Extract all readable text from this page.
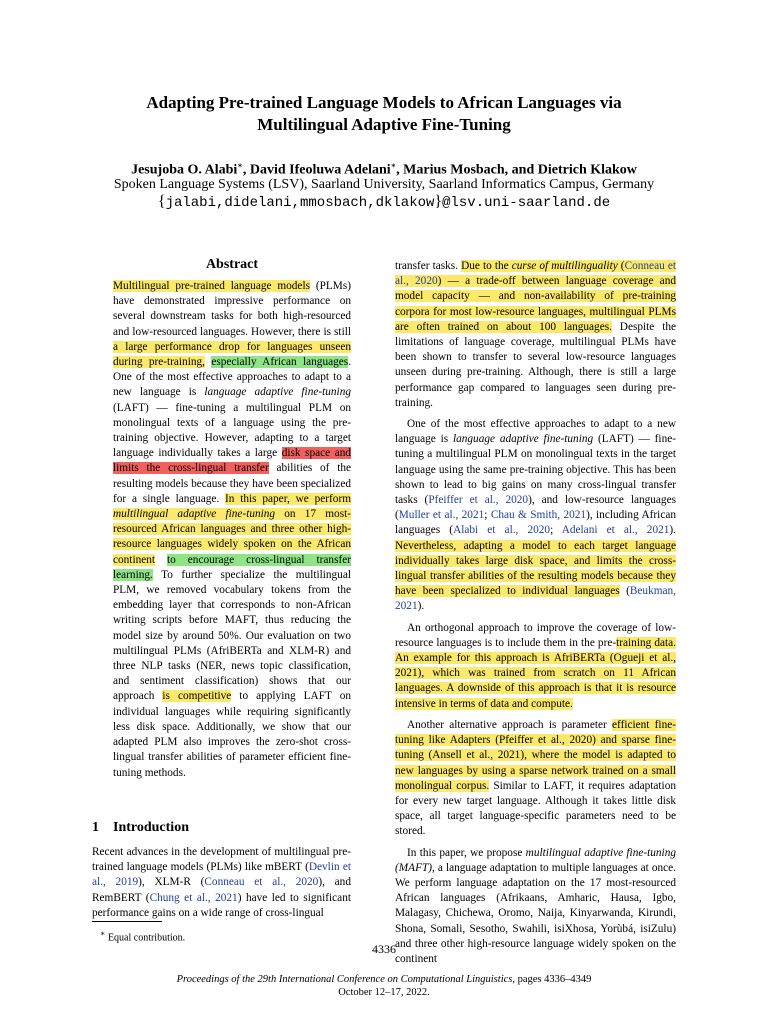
Adapting Pre-trained Language Models to African Languages via
Multilingual Adaptive Fine-Tuning
Jesujoba O. Alabi∗, David Ifeoluwa Adelani∗, Marius Mosbach, and Dietrich Klakow
Spoken Language Systems (LSV), Saarland University, Saarland Informatics Campus, Germany
{jalabi,didelani,mmosbach,dklakow}@lsv.uni-saarland.de
Abstract
Multilingual pre-trained language models (PLMs) have demonstrated impressive performance on several downstream tasks for both high-resourced and low-resourced languages. However, there is still a large performance drop for languages unseen during pre-training, especially African languages. One of the most effective approaches to adapt to a new language is language adaptive fine-tuning (LAFT) — fine-tuning a multilingual PLM on monolingual texts of a language using the pre-training objective. However, adapting to a target language individually takes a large disk space and limits the cross-lingual transfer abilities of the resulting models because they have been specialized for a single language. In this paper, we perform multilingual adaptive fine-tuning on 17 most-resourced African languages and three other high-resource languages widely spoken on the African continent to encourage cross-lingual transfer learning. To further specialize the multilingual PLM, we removed vocabulary tokens from the embedding layer that corresponds to non-African writing scripts before MAFT, thus reducing the model size by around 50%. Our evaluation on two multilingual PLMs (AfriBERTa and XLM-R) and three NLP tasks (NER, news topic classification, and sentiment classification) shows that our approach is competitive to applying LAFT on individual languages while requiring significantly less disk space. Additionally, we show that our adapted PLM also improves the zero-shot cross-lingual transfer abilities of parameter efficient fine-tuning methods.
1 Introduction
Recent advances in the development of multilingual pre-trained language models (PLMs) like mBERT (Devlin et al., 2019), XLM-R (Conneau et al., 2020), and RemBERT (Chung et al., 2021) have led to significant performance gains on a wide range of cross-lingual
∗ Equal contribution.

transfer tasks. Due to the curse of multilinguality (Conneau et al., 2020) — a trade-off between language coverage and model capacity — and non-availability of pre-training corpora for most low-resource languages, multilingual PLMs are often trained on about 100 languages. Despite the limitations of language coverage, multilingual PLMs have been shown to transfer to several low-resource languages unseen during pre-training. Although, there is still a large performance gap compared to languages seen during pre-training.

One of the most effective approaches to adapt to a new language is language adaptive fine-tuning (LAFT) — fine-tuning a multilingual PLM on monolingual texts in the target language using the same pre-training objective. This has been shown to lead to big gains on many cross-lingual transfer tasks (Pfeiffer et al., 2020), and low-resource languages (Muller et al., 2021; Chau & Smith, 2021), including African languages (Alabi et al., 2020; Adelani et al., 2021). Nevertheless, adapting a model to each target language individually takes large disk space, and limits the cross-lingual transfer abilities of the resulting models because they have been specialized to individual languages (Beukman, 2021).

An orthogonal approach to improve the coverage of low-resource languages is to include them in the pre-training data. An example for this approach is AfriBERTa (Ogueji et al., 2021), which was trained from scratch on 11 African languages. A downside of this approach is that it is resource intensive in terms of data and compute.

Another alternative approach is parameter efficient fine-tuning like Adapters (Pfeiffer et al., 2020) and sparse fine-tuning (Ansell et al., 2021), where the model is adapted to new languages by using a sparse network trained on a small monolingual corpus. Similar to LAFT, it requires adaptation for every new target language. Although it takes little disk space, all target language-specific parameters need to be stored.

In this paper, we propose multilingual adaptive fine-tuning (MAFT), a language adaptation to multiple languages at once. We perform language adaptation on the 17 most-resourced African languages (Afrikaans, Amharic, Hausa, Igbo, Malagasy, Chichewa, Oromo, Naija, Kinyarwanda, Kirundi, Shona, Somali, Sesotho, Swahili, isiXhosa, Yorùbá, isiZulu) and three other high-resource language widely spoken on the continent

4336
Proceedings of the 29th International Conference on Computational Linguistics, pages 4336–4349
October 12–17, 2022.
